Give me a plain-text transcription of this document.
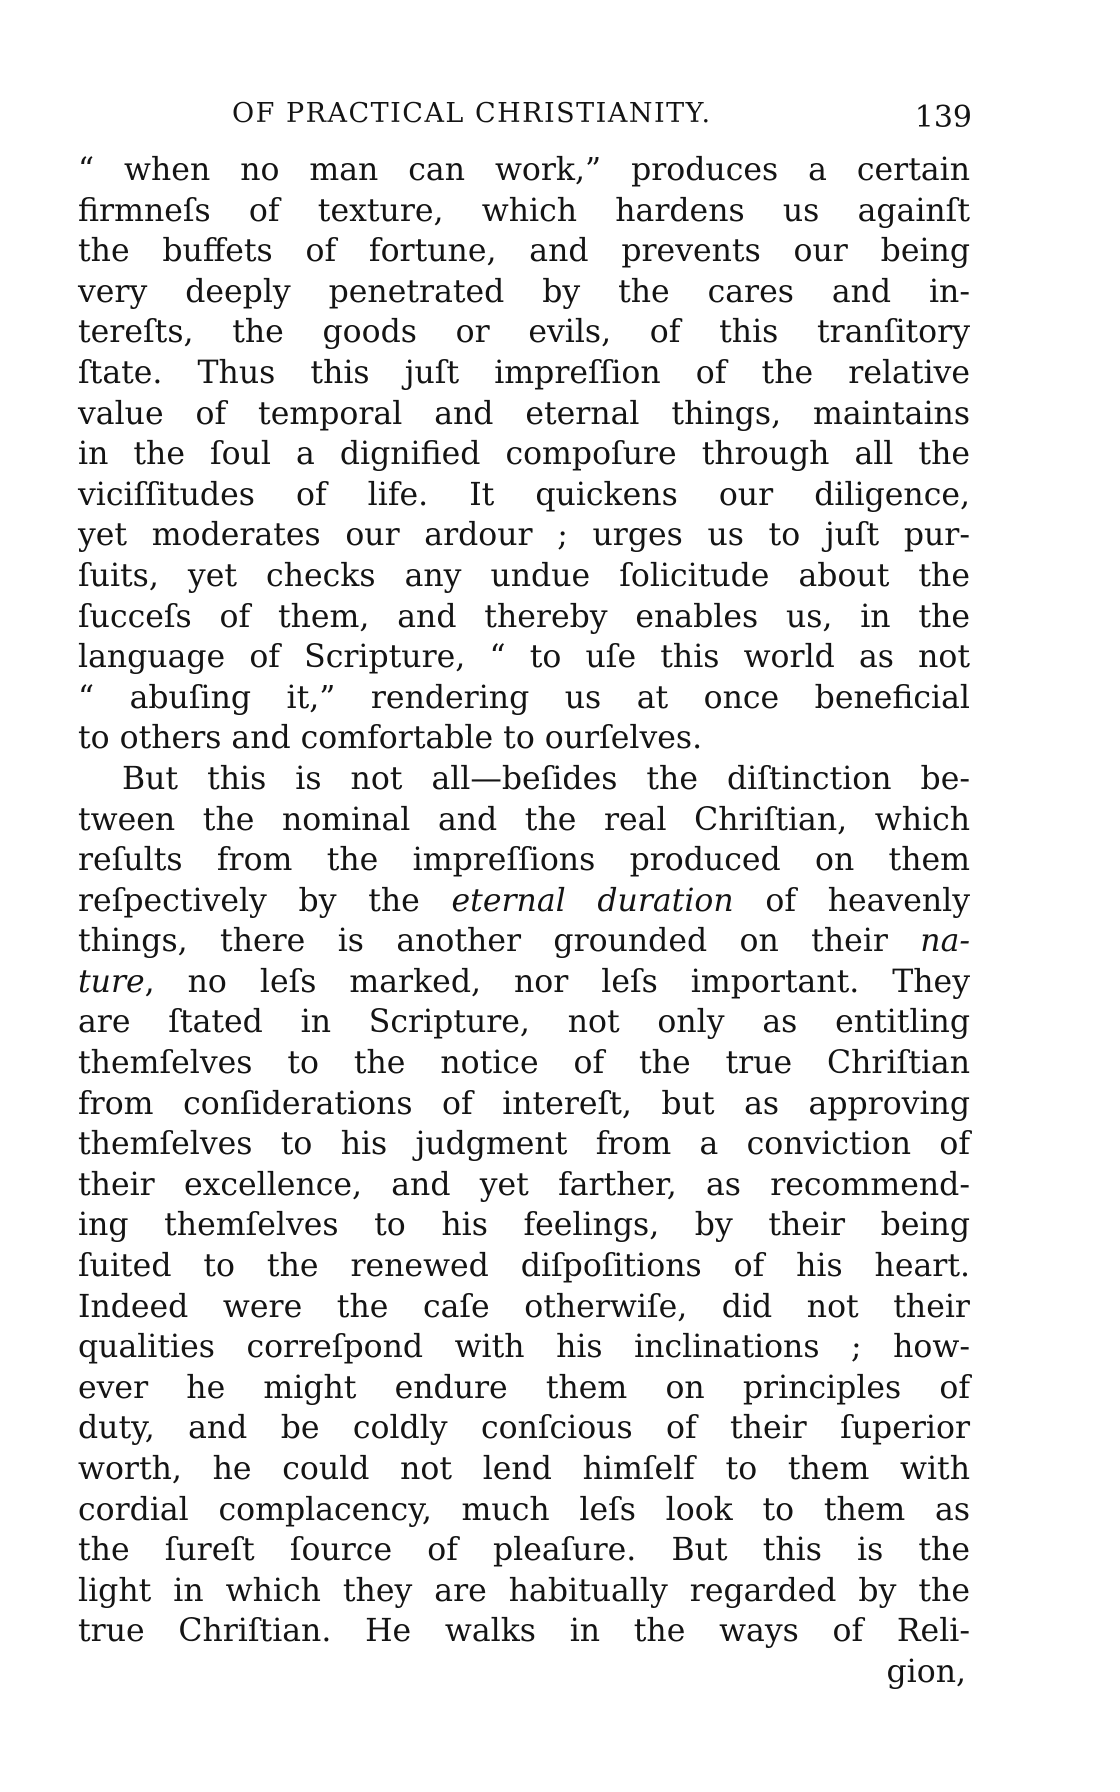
OF PRACTICAL CHRISTIANITY.	139
“ when no man can work,” produces a certain
firmneſs of texture, which hardens us againſt
the buffets of fortune, and prevents our being
very deeply penetrated by the cares and in-
tereſts, the goods or evils, of this tranſitory
ſtate. Thus this juſt impreſſion of the relative
value of temporal and eternal things, maintains
in the ſoul a dignified compoſure through all the
viciſſitudes of life. It quickens our diligence,
yet moderates our ardour ; urges us to juſt pur-
ſuits, yet checks any undue ſolicitude about the
ſucceſs of them, and thereby enables us, in the
language of Scripture, “ to uſe this world as not
“ abuſing it,” rendering us at once beneficial
to others and comfortable to ourſelves.
But this is not all—beſides the diſtinction be-
tween the nominal and the real Chriſtian, which
reſults from the impreſſions produced on them
reſpectively by the eternal duration of heavenly
things, there is another grounded on their na-
ture, no leſs marked, nor leſs important. They
are ſtated in Scripture, not only as entitling
themſelves to the notice of the true Chriſtian
from conſiderations of intereſt, but as approving
themſelves to his judgment from a conviction of
their excellence, and yet farther, as recommend-
ing themſelves to his feelings, by their being
ſuited to the renewed diſpoſitions of his heart.
Indeed were the caſe otherwiſe, did not their
qualities correſpond with his inclinations ; how-
ever he might endure them on principles of
duty, and be coldly conſcious of their ſuperior
worth, he could not lend himſelf to them with
cordial complacency, much leſs look to them as
the ſureſt ſource of pleaſure. But this is the
light in which they are habitually regarded by the
true Chriſtian. He walks in the ways of Reli-
gion,
